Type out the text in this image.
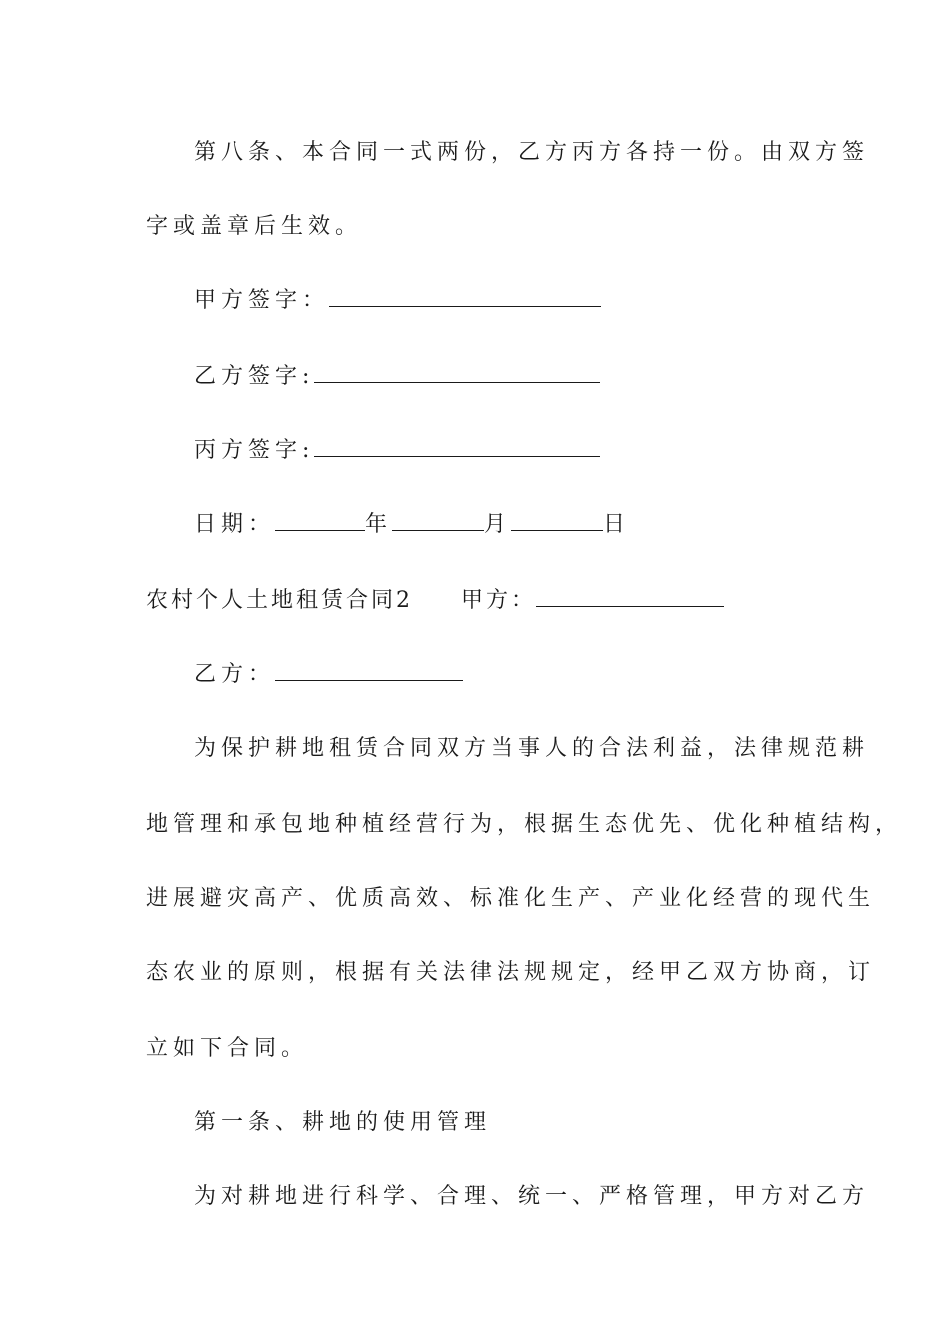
第八条、本合同一式两份，乙方丙方各持一份。由双方签
字或盖章后生效。
甲方签字：
乙方签字:
丙方签字:
日期：	年	月	日
农村个人土地租赁合同2 甲方：
乙方：
为保护耕地租赁合同双方当事人的合法利益，法律规范耕
地管理和承包地种植经营行为，根据生态优先、优化种植结构，
进展避灾高产、优质高效、标准化生产、产业化经营的现代生
态农业的原则，根据有关法律法规规定，经甲乙双方协商，订
立如下合同。
第一条、耕地的使用管理
为对耕地进行科学、合理、统一、严格管理，甲方对乙方
